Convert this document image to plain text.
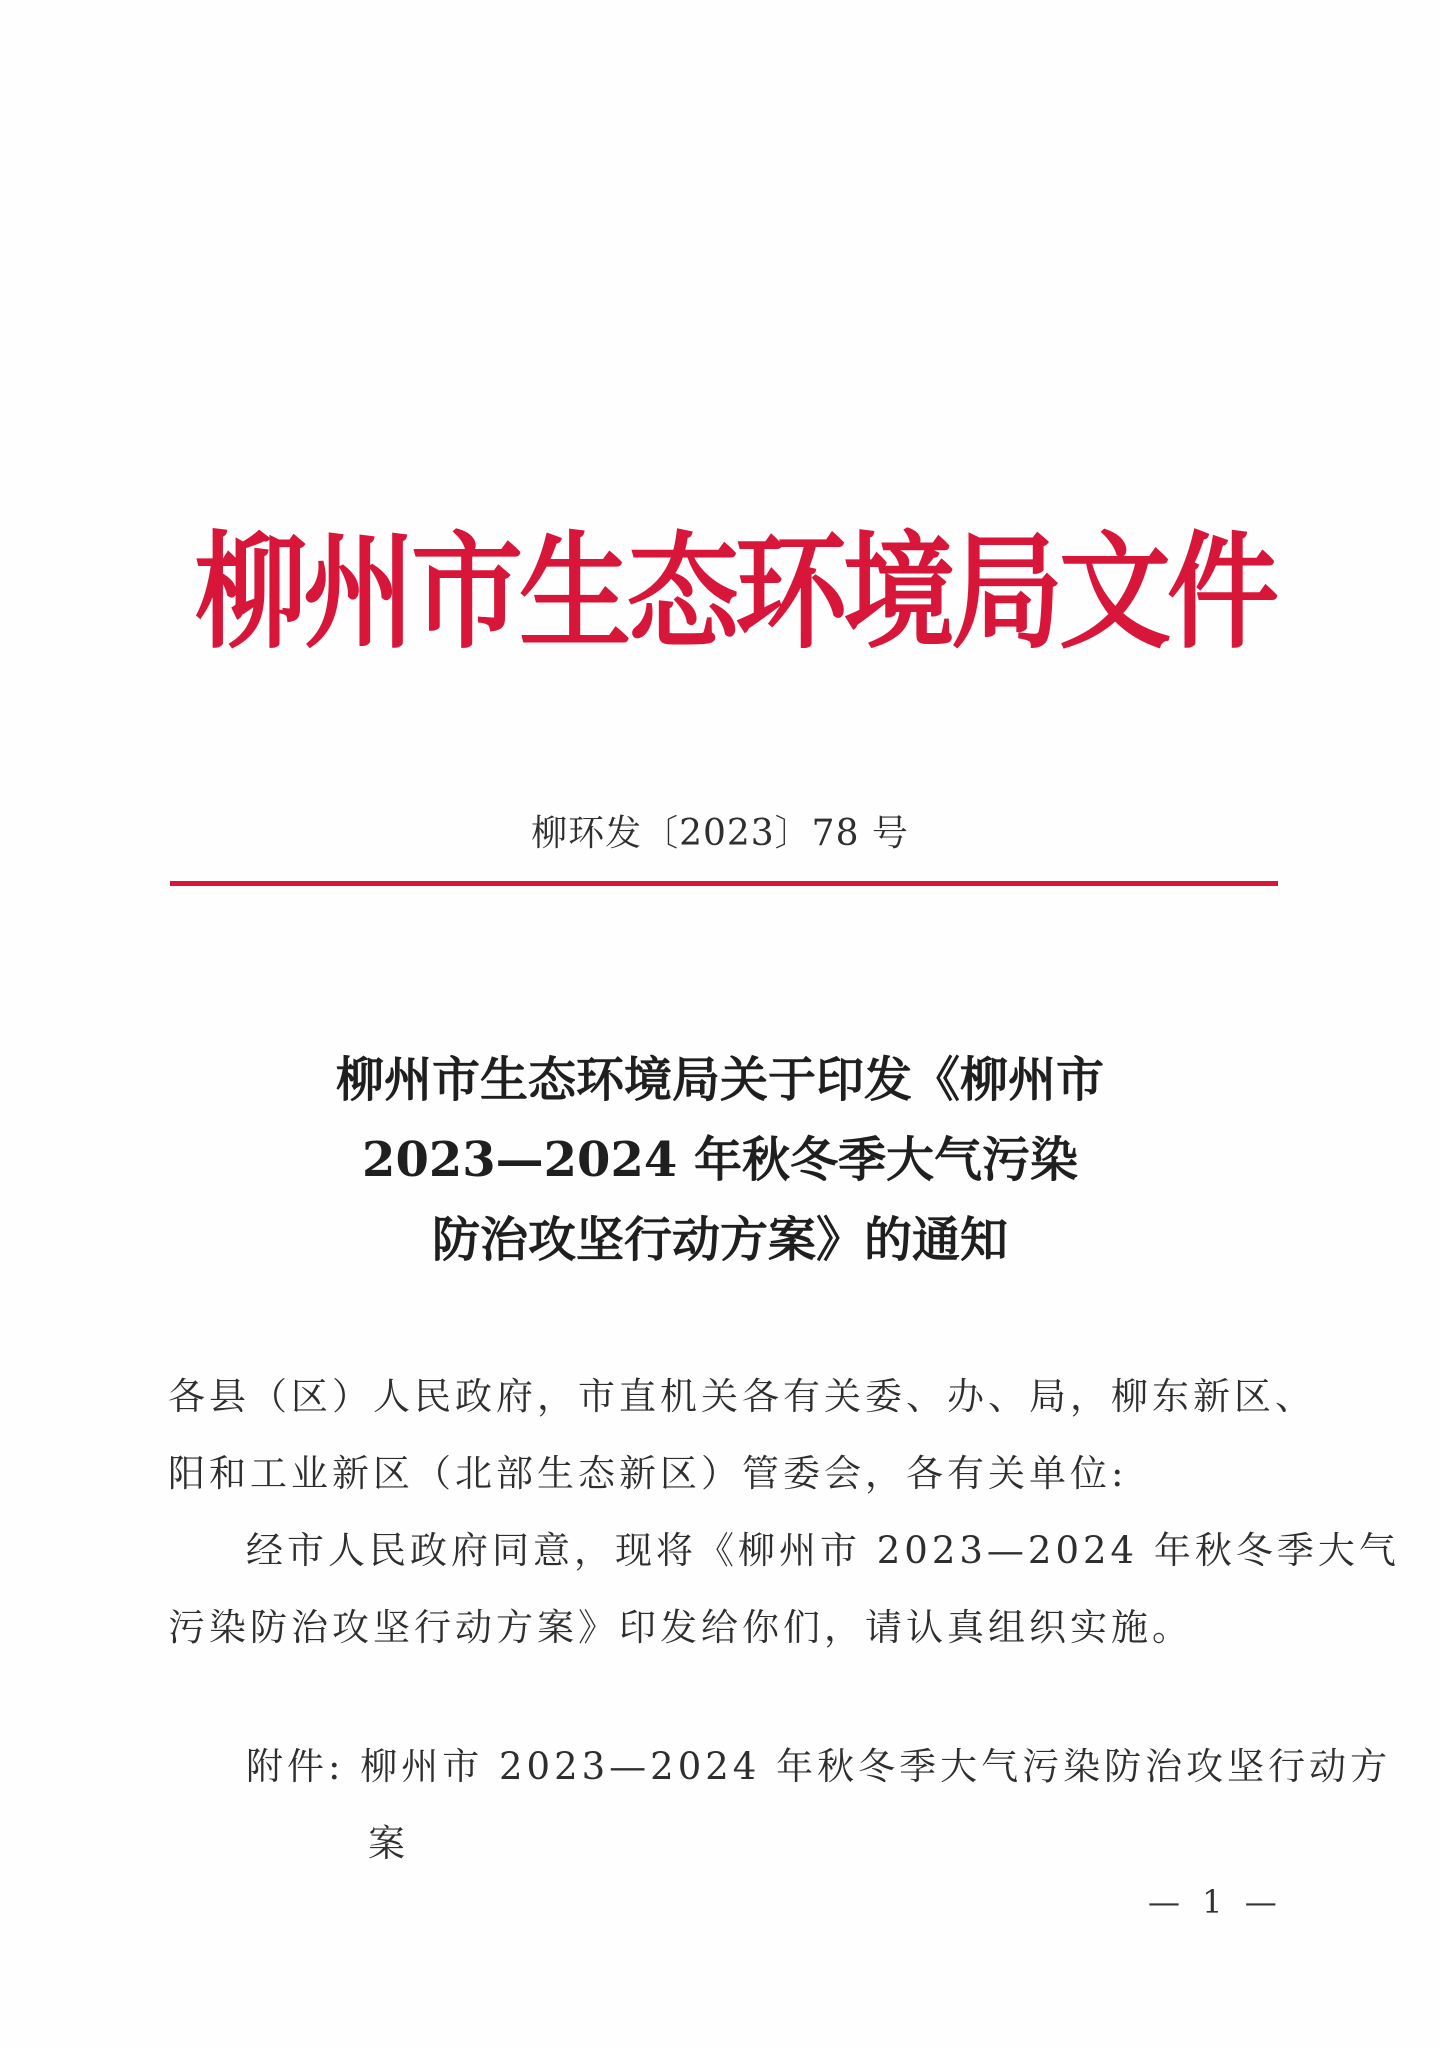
柳州市生态环境局文件
柳环发〔2023〕78 号
柳州市生态环境局关于印发《柳州市
2023—2024 年秋冬季大气污染
防治攻坚行动方案》的通知

各县（区）人民政府，市直机关各有关委、办、局，柳东新区、

阳和工业新区（北部生态新区）管委会，各有关单位:

经市人民政府同意，现将《柳州市 2023—2024 年秋冬季大气

污染防治攻坚行动方案》印发给你们，请认真组织实施。

附件: 柳州市 2023—2024 年秋冬季大气污染防治攻坚行动方

案

— 1 —
